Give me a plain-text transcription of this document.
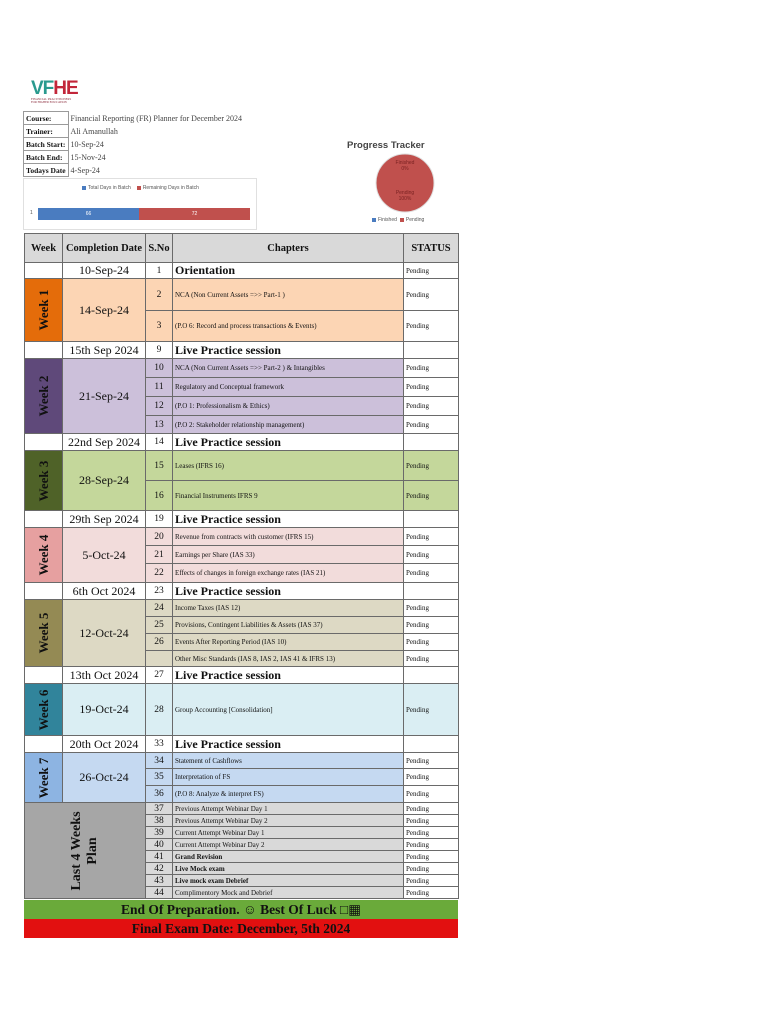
VFHE
FINANCIAL PRACTITIONERS FOR HIGHER EDUCATION
Course:	Financial Reporting (FR) Planner for December 2024
Trainer:	Ali Amanullah
Batch Start:	10-Sep-24
Batch End:	15-Nov-24
Todays Date	4-Sep-24
Total Days in Batch	Remaining Days in Batch
1	66	72
Progress Tracker
Finished
0%
Pending
100%
Finished	Pending
Week	Completion Date	S.No	Chapters	STATUS
	10-Sep-24	1	Orientation	Pending

Week 1	14-Sep-24	2	NCA (Non Current Assets =>> Part-1 )	Pending
		3	(P.O 6: Record and process transactions & Events)	Pending
	15th Sep 2024	9	Live Practice session	

Week 2	21-Sep-24	10	NCA (Non Current Assets =>> Part-2 ) & Intangibles	Pending
		11	Regulatory and Conceptual framework	Pending
		12	(P.O 1: Professionalism & Ethics)	Pending
		13	(P.O 2: Stakeholder relationship management)	Pending
	22nd Sep 2024	14	Live Practice session	

Week 3	28-Sep-24	15	Leases (IFRS 16)	Pending
		16	Financial Instruments IFRS 9	Pending
	29th Sep 2024	19	Live Practice session	

Week 4	5-Oct-24	20	Revenue from contracts with customer (IFRS 15)	Pending
		21	Earnings per Share (IAS 33)	Pending
		22	Effects of changes in foreign exchange rates (IAS 21)	Pending
	6th Oct 2024	23	Live Practice session	

Week 5	12-Oct-24	24	Income Taxes (IAS 12)	Pending
		25	Provisions, Contingent Liabilities & Assets (IAS 37)	Pending
		26	Events After Reporting Period (IAS 10)	Pending
			Other Misc Standards (IAS 8, IAS 2, IAS 41 & IFRS 13)	Pending
	13th Oct 2024	27	Live Practice session	

Week 6	19-Oct-24	28	Group Accounting [Consolidation]	Pending
	20th Oct 2024	33	Live Practice session	

Week 7	26-Oct-24	34	Statement of Cashflows	Pending
		35	Interpretation of FS	Pending
		36	(P.O 8: Analyze & interpret FS)	Pending

Last 4 Weeks Plan		37	Previous Attempt Webinar Day 1	Pending
		38	Previous Attempt Webinar Day 2	Pending
		39	Current Attempt Webinar Day 1	Pending
		40	Current Attempt Webinar Day 2	Pending
		41	Grand Revision	Pending
		42	Live Mock exam	Pending
		43	Live mock exam Debrief	Pending
		44	Complimentory Mock and Debrief	Pending
End Of Preparation. ☺ Best Of Luck □▦
Final Exam Date: December, 5th 2024
